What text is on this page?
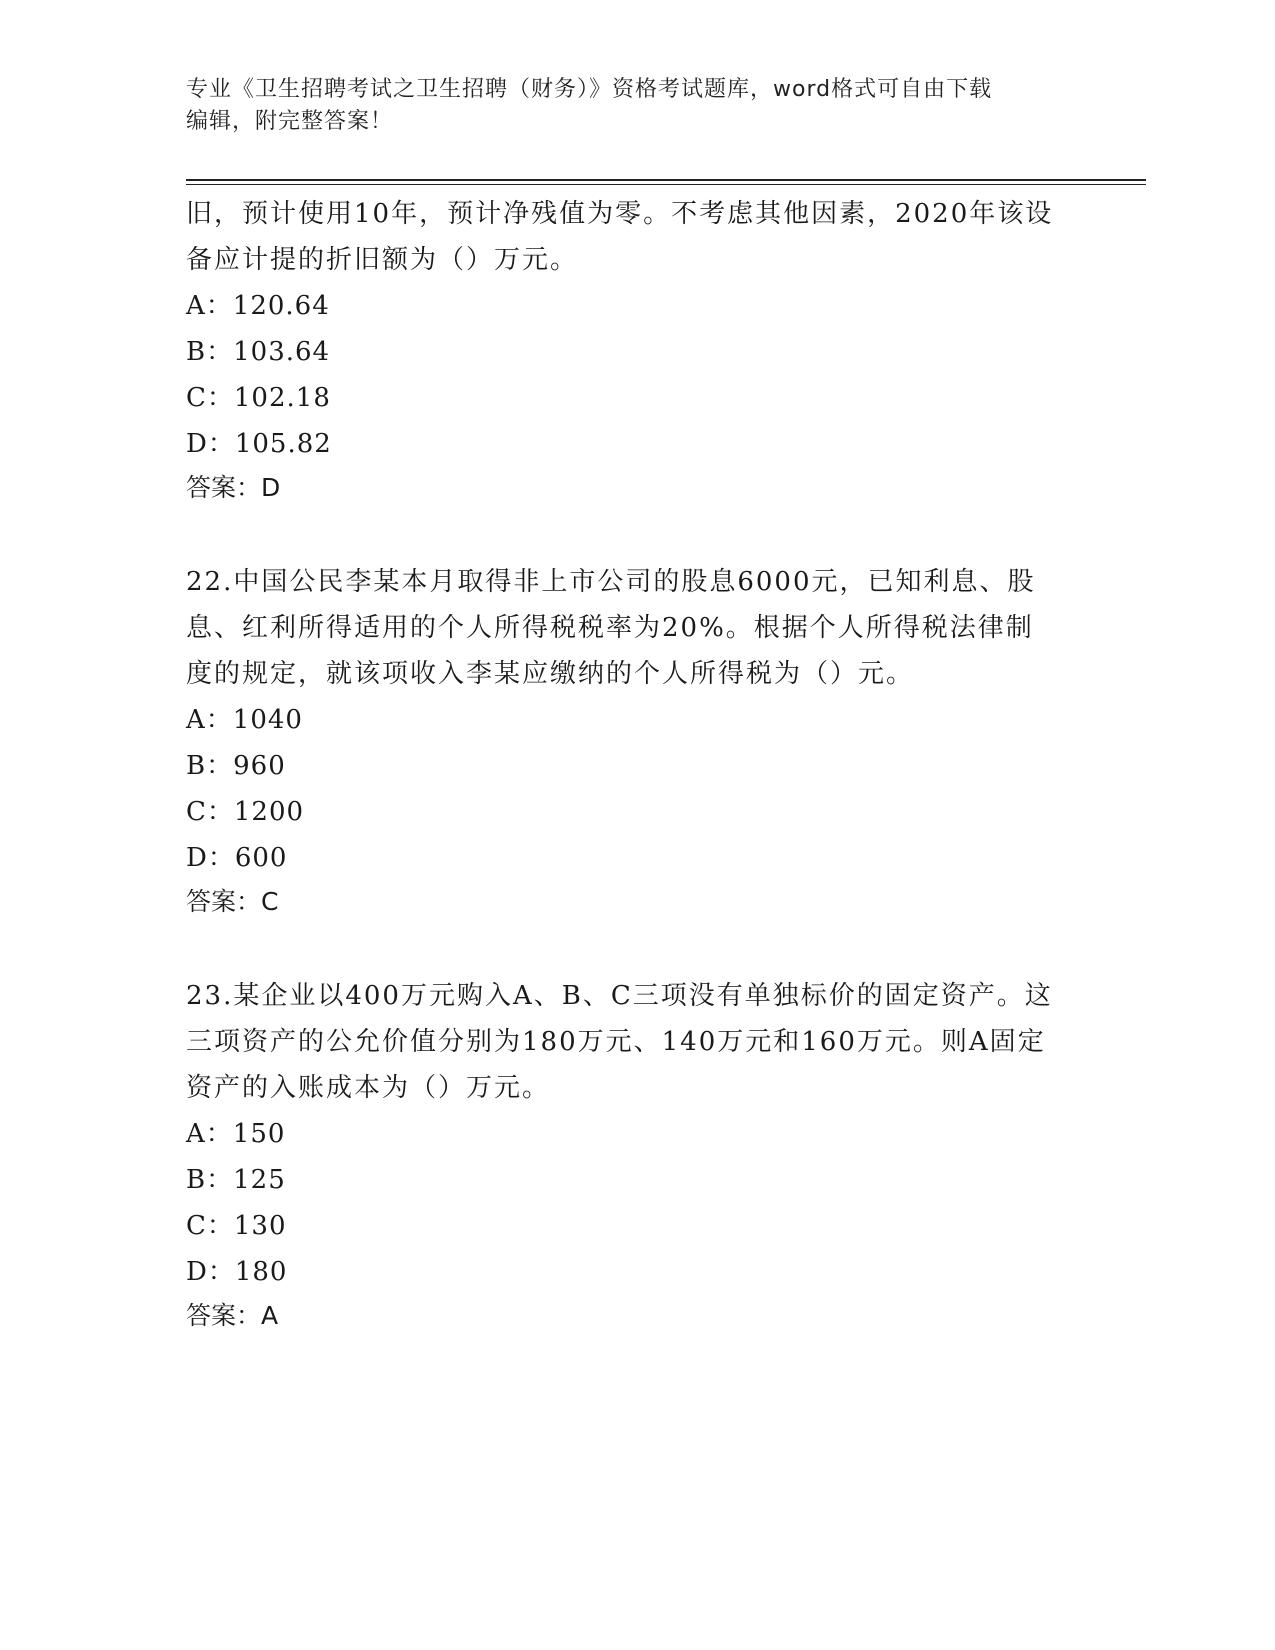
专业《卫生招聘考试之卫生招聘（财务）》资格考试题库，word格式可自由下载
编辑，附完整答案！

旧，预计使用10年，预计净残值为零。不考虑其他因素，2020年该设

备应计提的折旧额为（）万元。

A：120.64

B：103.64

C：102.18

D：105.82

答案：D

22.中国公民李某本月取得非上市公司的股息6000元，已知利息、股

息、红利所得适用的个人所得税税率为20%。根据个人所得税法律制

度的规定，就该项收入李某应缴纳的个人所得税为（）元。

A：1040

B：960

C：1200

D：600

答案：C

23.某企业以400万元购入A、B、C三项没有单独标价的固定资产。这

三项资产的公允价值分别为180万元、140万元和160万元。则A固定

资产的入账成本为（）万元。

A：150

B：125

C：130

D：180

答案：A
